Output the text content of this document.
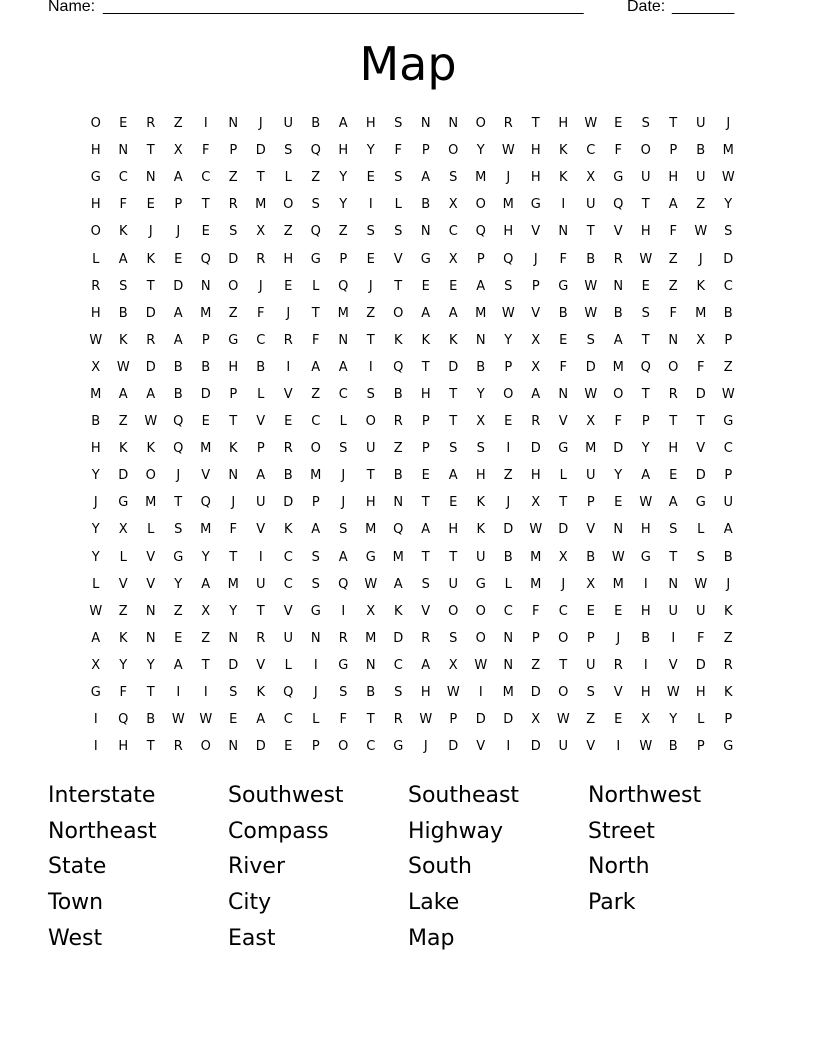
Name: ______________________________________________________	Date: _______
Map
O	E	R	Z	I	N	J	U	B	A	H	S	N	N	O	R	T	H	W	E	S	T	U	J
H	N	T	X	F	P	D	S	Q	H	Y	F	P	O	Y	W	H	K	C	F	O	P	B	M
G	C	N	A	C	Z	T	L	Z	Y	E	S	A	S	M	J	H	K	X	G	U	H	U	W
H	F	E	P	T	R	M	O	S	Y	I	L	B	X	O	M	G	I	U	Q	T	A	Z	Y
O	K	J	J	E	S	X	Z	Q	Z	S	S	N	C	Q	H	V	N	T	V	H	F	W	S
L	A	K	E	Q	D	R	H	G	P	E	V	G	X	P	Q	J	F	B	R	W	Z	J	D
R	S	T	D	N	O	J	E	L	Q	J	T	E	E	A	S	P	G	W	N	E	Z	K	C
H	B	D	A	M	Z	F	J	T	M	Z	O	A	A	M	W	V	B	W	B	S	F	M	B
W	K	R	A	P	G	C	R	F	N	T	K	K	K	N	Y	X	E	S	A	T	N	X	P
X	W	D	B	B	H	B	I	A	A	I	Q	T	D	B	P	X	F	D	M	Q	O	F	Z
M	A	A	B	D	P	L	V	Z	C	S	B	H	T	Y	O	A	N	W	O	T	R	D	W
B	Z	W	Q	E	T	V	E	C	L	O	R	P	T	X	E	R	V	X	F	P	T	T	G
H	K	K	Q	M	K	P	R	O	S	U	Z	P	S	S	I	D	G	M	D	Y	H	V	C
Y	D	O	J	V	N	A	B	M	J	T	B	E	A	H	Z	H	L	U	Y	A	E	D	P
J	G	M	T	Q	J	U	D	P	J	H	N	T	E	K	J	X	T	P	E	W	A	G	U
Y	X	L	S	M	F	V	K	A	S	M	Q	A	H	K	D	W	D	V	N	H	S	L	A
Y	L	V	G	Y	T	I	C	S	A	G	M	T	T	U	B	M	X	B	W	G	T	S	B
L	V	V	Y	A	M	U	C	S	Q	W	A	S	U	G	L	M	J	X	M	I	N	W	J
W	Z	N	Z	X	Y	T	V	G	I	X	K	V	O	O	C	F	C	E	E	H	U	U	K
A	K	N	E	Z	N	R	U	N	R	M	D	R	S	O	N	P	O	P	J	B	I	F	Z
X	Y	Y	A	T	D	V	L	I	G	N	C	A	X	W	N	Z	T	U	R	I	V	D	R
G	F	T	I	I	S	K	Q	J	S	B	S	H	W	I	M	D	O	S	V	H	W	H	K
I	Q	B	W	W	E	A	C	L	F	T	R	W	P	D	D	X	W	Z	E	X	Y	L	P
I	H	T	R	O	N	D	E	P	O	C	G	J	D	V	I	D	U	V	I	W	B	P	G
Interstate	Southwest	Southeast	Northwest
Northeast	Compass	Highway	Street
State	River	South	North
Town	City	Lake	Park
West	East	Map
